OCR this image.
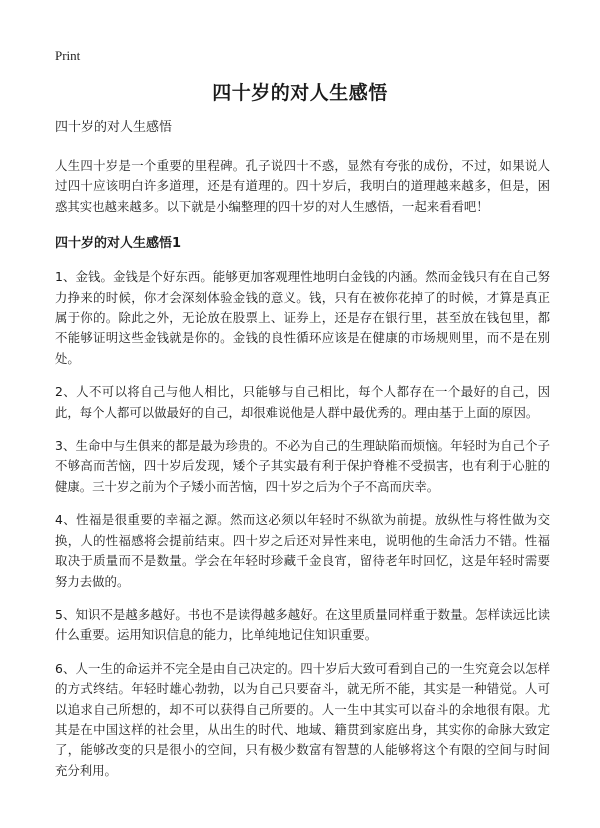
Print
四十岁的对人生感悟

四十岁的对人生感悟

人生四十岁是一个重要的里程碑。孔子说四十不惑，显然有夸张的成份，不过，如果说人过四十应该明白许多道理，还是有道理的。四十岁后，我明白的道理越来越多，但是，困惑其实也越来越多。以下就是小编整理的四十岁的对人生感悟，一起来看看吧！

四十岁的对人生感悟1

1、金钱。金钱是个好东西。能够更加客观理性地明白金钱的内涵。然而金钱只有在自己努力挣来的时候，你才会深刻体验金钱的意义。钱，只有在被你花掉了的时候，才算是真正属于你的。除此之外，无论放在股票上、证券上，还是存在银行里，甚至放在钱包里，都不能够证明这些金钱就是你的。金钱的良性循环应该是在健康的市场规则里，而不是在别处。

2、人不可以将自己与他人相比，只能够与自己相比，每个人都存在一个最好的自己，因此，每个人都可以做最好的自己，却很难说他是人群中最优秀的。理由基于上面的原因。

3、生命中与生俱来的都是最为珍贵的。不必为自己的生理缺陷而烦恼。年轻时为自己个子不够高而苦恼，四十岁后发现，矮个子其实最有利于保护脊椎不受损害，也有利于心脏的健康。三十岁之前为个子矮小而苦恼，四十岁之后为个子不高而庆幸。

4、性福是很重要的幸福之源。然而这必须以年轻时不纵欲为前提。放纵性与将性做为交换，人的性福感将会提前结束。四十岁之后还对异性来电，说明他的生命活力不错。性福取决于质量而不是数量。学会在年轻时珍藏千金良宵，留待老年时回忆，这是年轻时需要努力去做的。

5、知识不是越多越好。书也不是读得越多越好。在这里质量同样重于数量。怎样读远比读什么重要。运用知识信息的能力，比单纯地记住知识重要。

6、人一生的命运并不完全是由自己决定的。四十岁后大致可看到自己的一生究竟会以怎样的方式终结。年轻时雄心勃勃，以为自己只要奋斗，就无所不能，其实是一种错觉。人可以追求自己所想的，却不可以获得自己所要的。人一生中其实可以奋斗的余地很有限。尤其是在中国这样的社会里，从出生的时代、地域、籍贯到家庭出身，其实你的命脉大致定了，能够改变的只是很小的空间，只有极少数富有智慧的人能够将这个有限的空间与时间充分利用。
